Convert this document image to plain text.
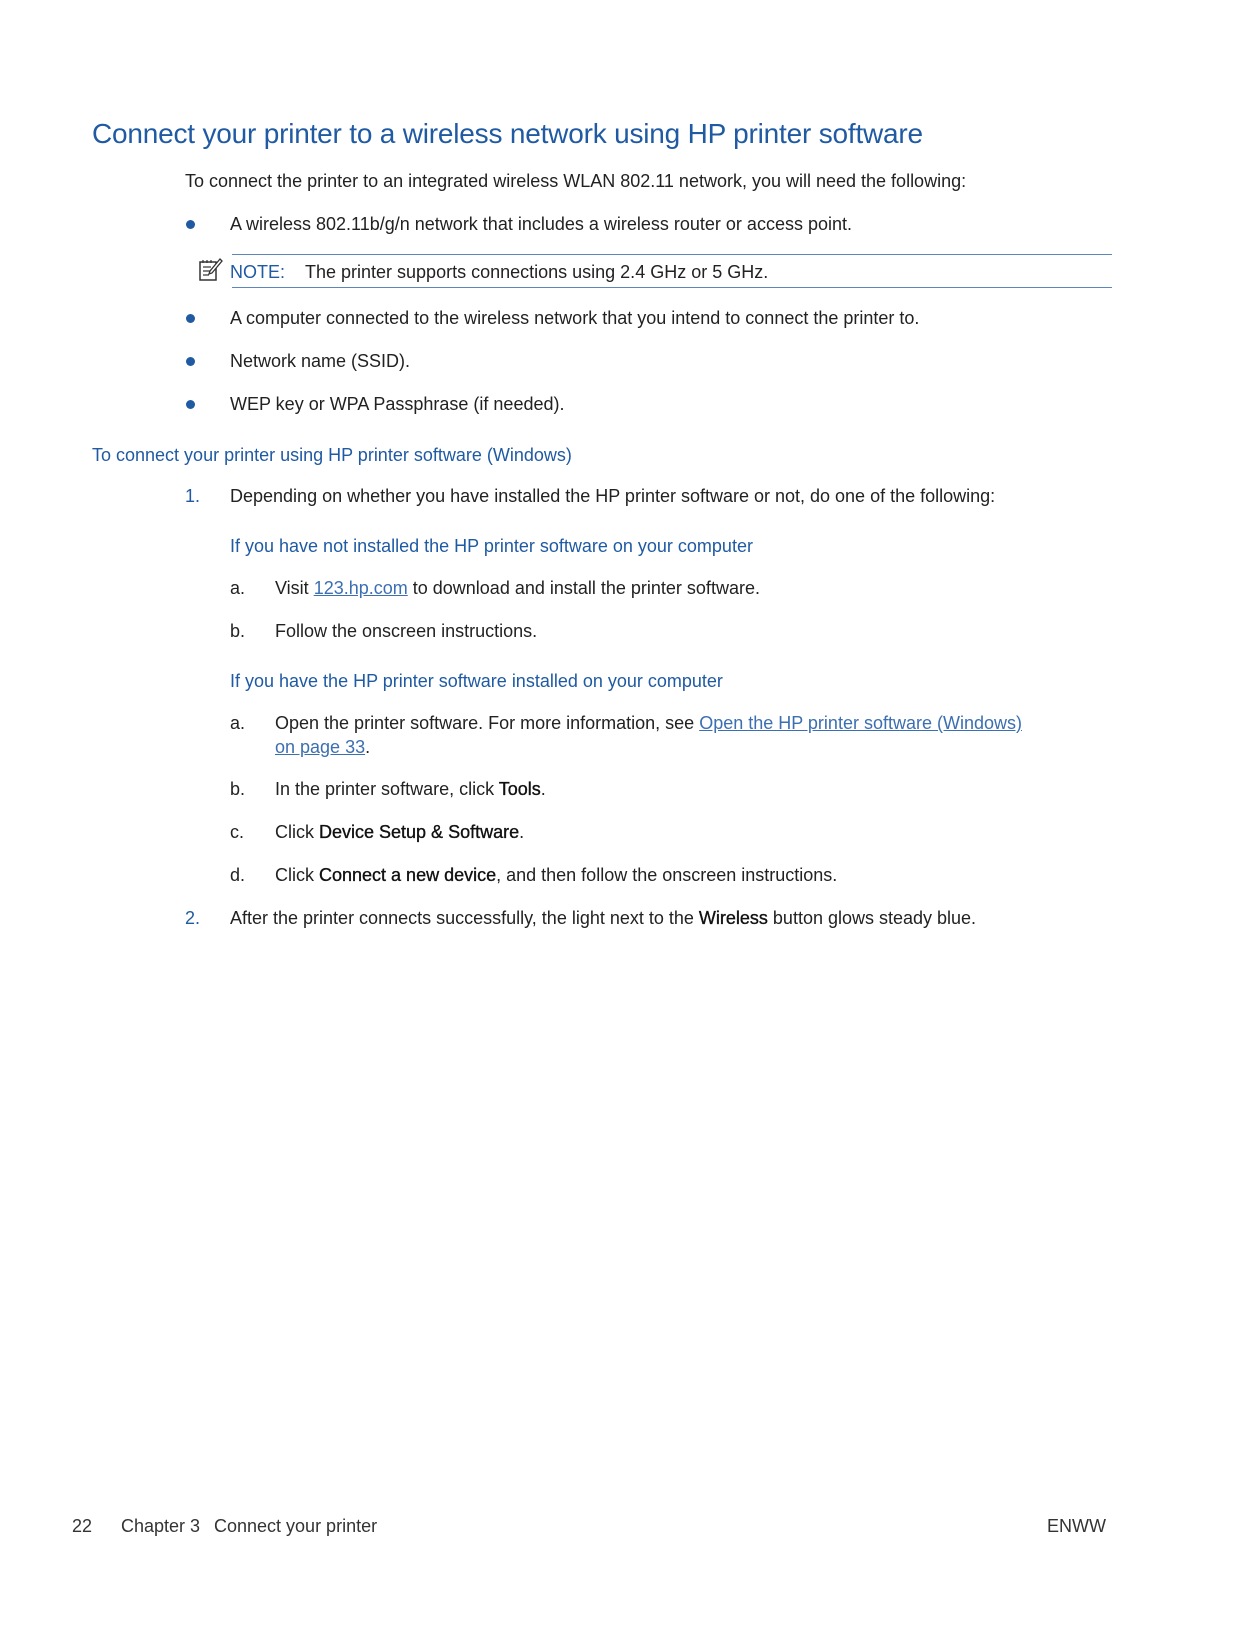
Connect your printer to a wireless network using HP printer software
To connect the printer to an integrated wireless WLAN 802.11 network, you will need the following:
A wireless 802.11b/g/n network that includes a wireless router or access point.
NOTE: The printer supports connections using 2.4 GHz or 5 GHz.
A computer connected to the wireless network that you intend to connect the printer to.
Network name (SSID).
WEP key or WPA Passphrase (if needed).
To connect your printer using HP printer software (Windows)
1. Depending on whether you have installed the HP printer software or not, do one of the following:
If you have not installed the HP printer software on your computer
a. Visit 123.hp.com to download and install the printer software.
b. Follow the onscreen instructions.
If you have the HP printer software installed on your computer
a. Open the printer software. For more information, see Open the HP printer software (Windows)
on page 33.
b. In the printer software, click Tools.
c. Click Device Setup & Software.
d. Click Connect a new device, and then follow the onscreen instructions.
2. After the printer connects successfully, the light next to the Wireless button glows steady blue.
22 Chapter 3 Connect your printer	ENWW
